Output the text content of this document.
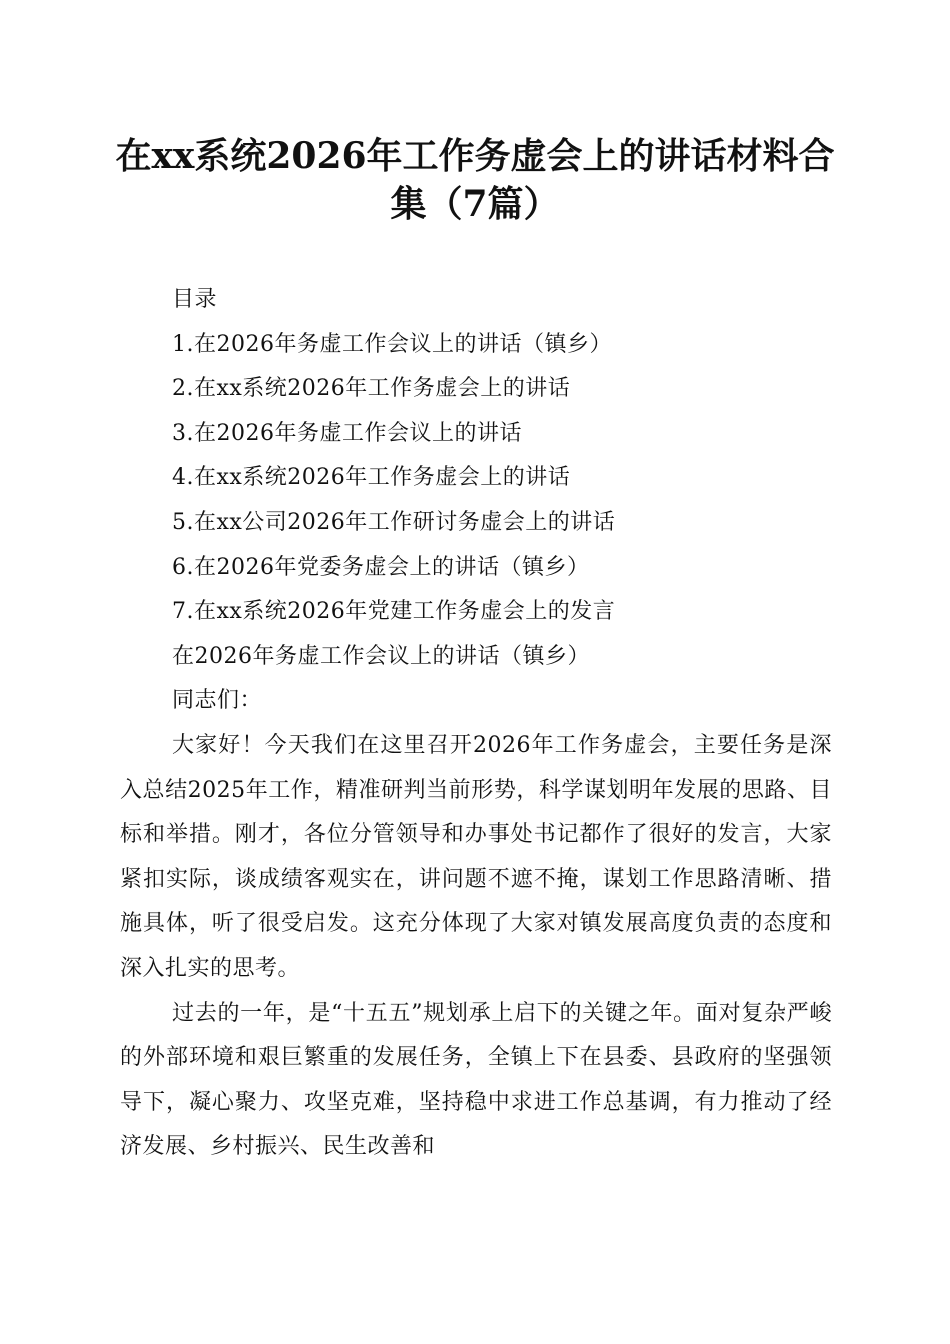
在xx系统2026年工作务虚会上的讲话材料合
集（7篇）
目录
1.在2026年务虚工作会议上的讲话（镇乡）
2.在xx系统2026年工作务虚会上的讲话
3.在2026年务虚工作会议上的讲话
4.在xx系统2026年工作务虚会上的讲话
5.在xx公司2026年工作研讨务虚会上的讲话
6.在2026年党委务虚会上的讲话（镇乡）
7.在xx系统2026年党建工作务虚会上的发言
在2026年务虚工作会议上的讲话（镇乡）
同志们：

大家好！今天我们在这里召开2026年工作务虚会，主要任务是深入总结2025年工作，精准研判当前形势，科学谋划明年发展的思路、目标和举措。刚才，各位分管领导和办事处书记都作了很好的发言，大家紧扣实际，谈成绩客观实在，讲问题不遮不掩，谋划工作思路清晰、措施具体，听了很受启发。这充分体现了大家对镇发展高度负责的态度和深入扎实的思考。

过去的一年，是“十五五”规划承上启下的关键之年。面对复杂严峻的外部环境和艰巨繁重的发展任务，全镇上下在县委、县政府的坚强领导下，凝心聚力、攻坚克难，坚持稳中求进工作总基调，有力推动了经济发展、乡村振兴、民生改善和
